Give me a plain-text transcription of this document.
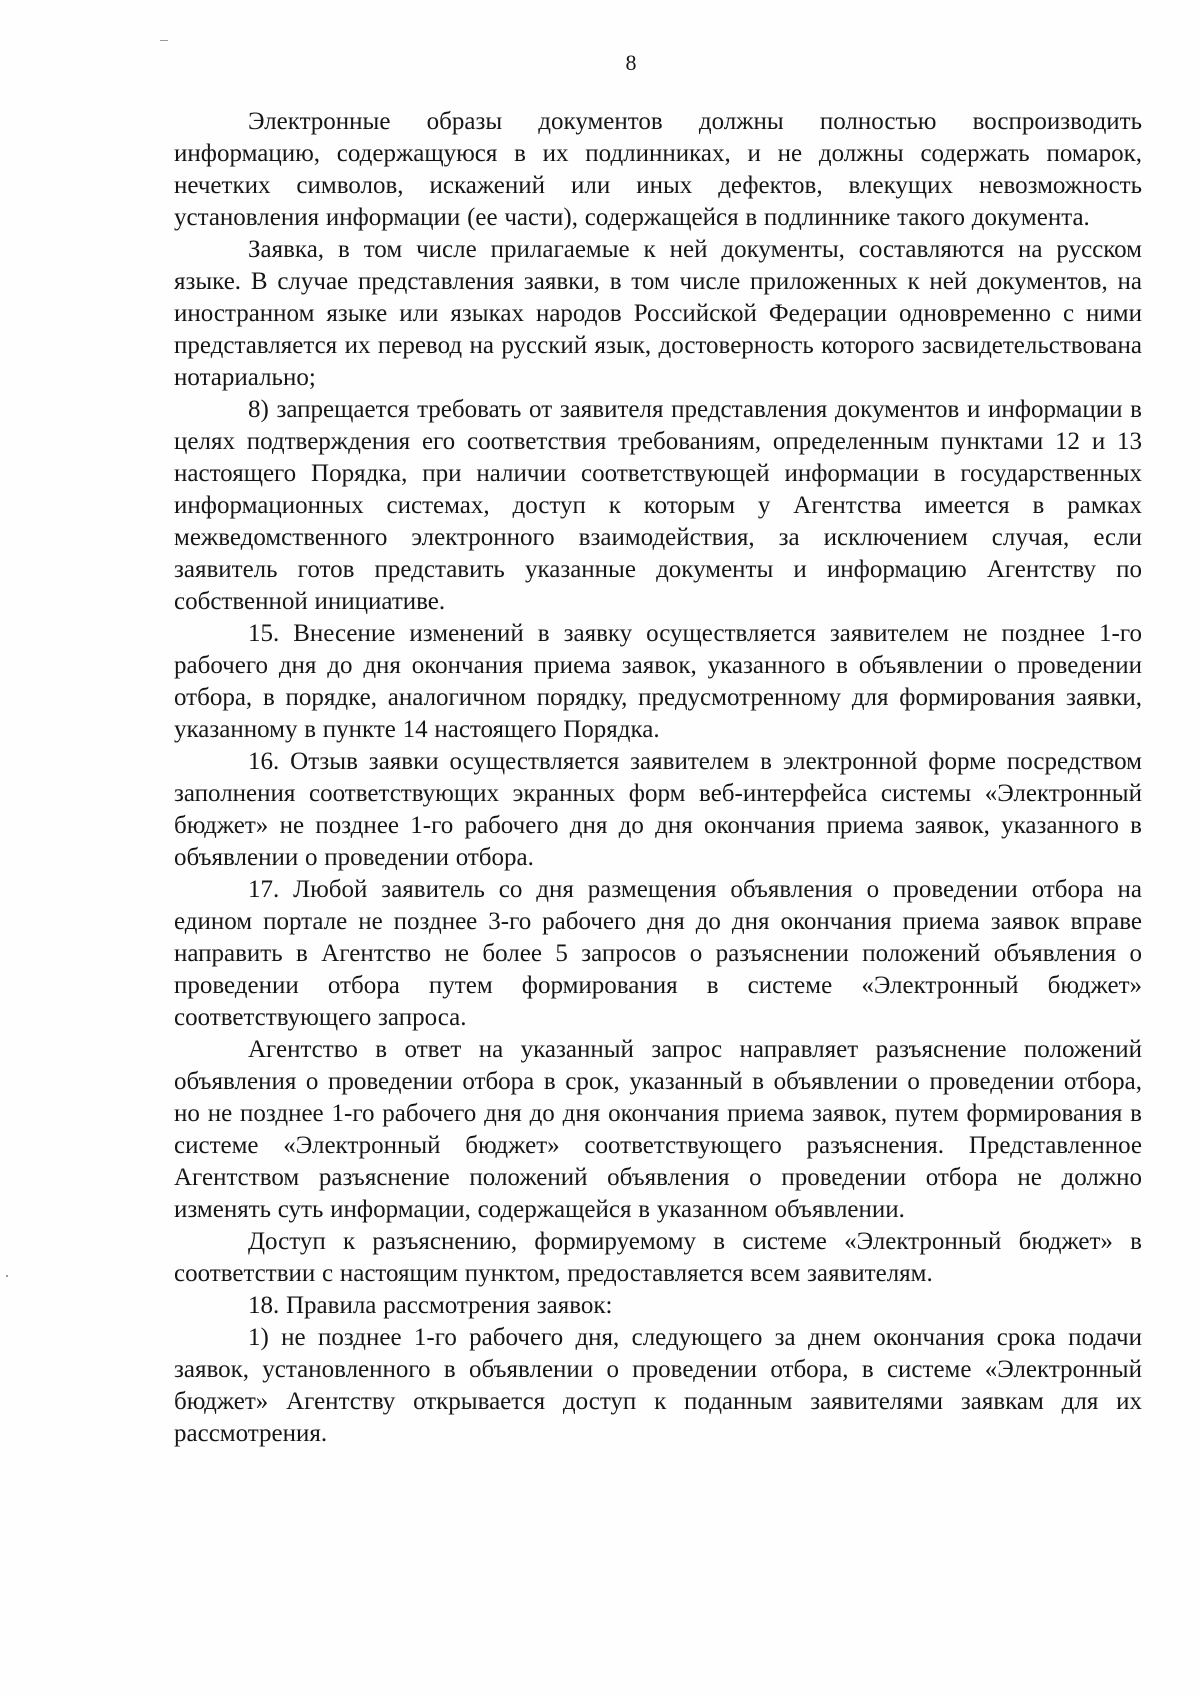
8

Электронные образы документов должны полностью воспроизводить информацию, содержащуюся в их подлинниках, и не должны содержать помарок, нечетких символов, искажений или иных дефектов, влекущих невозможность установления информации (ее части), содержащейся в подлиннике такого документа.

Заявка, в том числе прилагаемые к ней документы, составляются на русском языке. В случае представления заявки, в том числе приложенных к ней документов, на иностранном языке или языках народов Российской Федерации одновременно с ними представляется их перевод на русский язык, достоверность которого засвидетельствована нотариально;

8) запрещается требовать от заявителя представления документов и информации в целях подтверждения его соответствия требованиям, определенным пунктами 12 и 13 настоящего Порядка, при наличии соответствующей информации в государственных информационных системах, доступ к которым у Агентства имеется в рамках межведомственного электронного взаимодействия, за исключением случая, если заявитель готов представить указанные документы и информацию Агентству по собственной инициативе.

15. Внесение изменений в заявку осуществляется заявителем не позднее 1-го рабочего дня до дня окончания приема заявок, указанного в объявлении о проведении отбора, в порядке, аналогичном порядку, предусмотренному для формирования заявки, указанному в пункте 14 настоящего Порядка.

16. Отзыв заявки осуществляется заявителем в электронной форме посредством заполнения соответствующих экранных форм веб-интерфейса системы «Электронный бюджет» не позднее 1-го рабочего дня до дня окончания приема заявок, указанного в объявлении о проведении отбора.

17. Любой заявитель со дня размещения объявления о проведении отбора на едином портале не позднее 3-го рабочего дня до дня окончания приема заявок вправе направить в Агентство не более 5 запросов о разъяснении положений объявления о проведении отбора путем формирования в системе «Электронный бюджет» соответствующего запроса.

Агентство в ответ на указанный запрос направляет разъяснение положений объявления о проведении отбора в срок, указанный в объявлении о проведении отбора, но не позднее 1-го рабочего дня до дня окончания приема заявок, путем формирования в системе «Электронный бюджет» соответствующего разъяснения. Представленное Агентством разъяснение положений объявления о проведении отбора не должно изменять суть информации, содержащейся в указанном объявлении.

Доступ к разъяснению, формируемому в системе «Электронный бюджет» в соответствии с настоящим пунктом, предоставляется всем заявителям.

18. Правила рассмотрения заявок:

1) не позднее 1-го рабочего дня, следующего за днем окончания срока подачи заявок, установленного в объявлении о проведении отбора, в системе «Электронный бюджет» Агентству открывается доступ к поданным заявителями заявкам для их рассмотрения.
